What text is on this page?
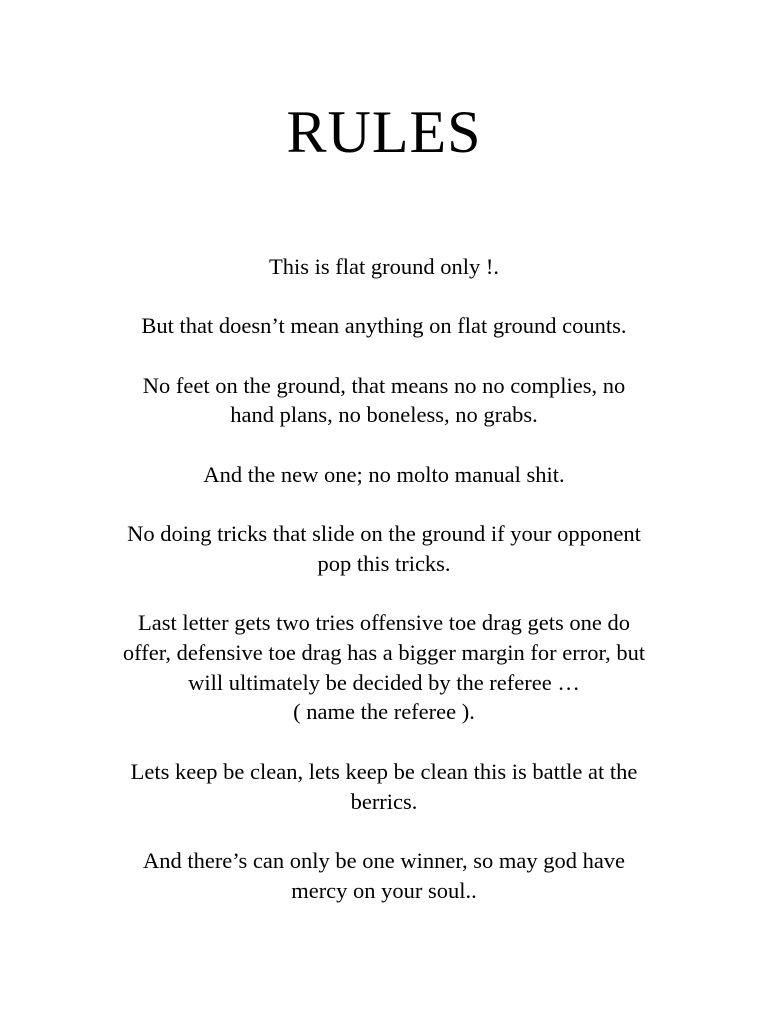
RULES

This is flat ground only !.

But that doesn’t mean anything on flat ground counts.

No feet on the ground, that means no no complies, no
hand plans, no boneless, no grabs.

And the new one; no molto manual shit.

No doing tricks that slide on the ground if your opponent
pop this tricks.

Last letter gets two tries offensive toe drag gets one do
offer, defensive toe drag has a bigger margin for error, but
will ultimately be decided by the referee …
( name the referee ).

Lets keep be clean, lets keep be clean this is battle at the
berrics.

And there’s can only be one winner, so may god have
mercy on your soul..
